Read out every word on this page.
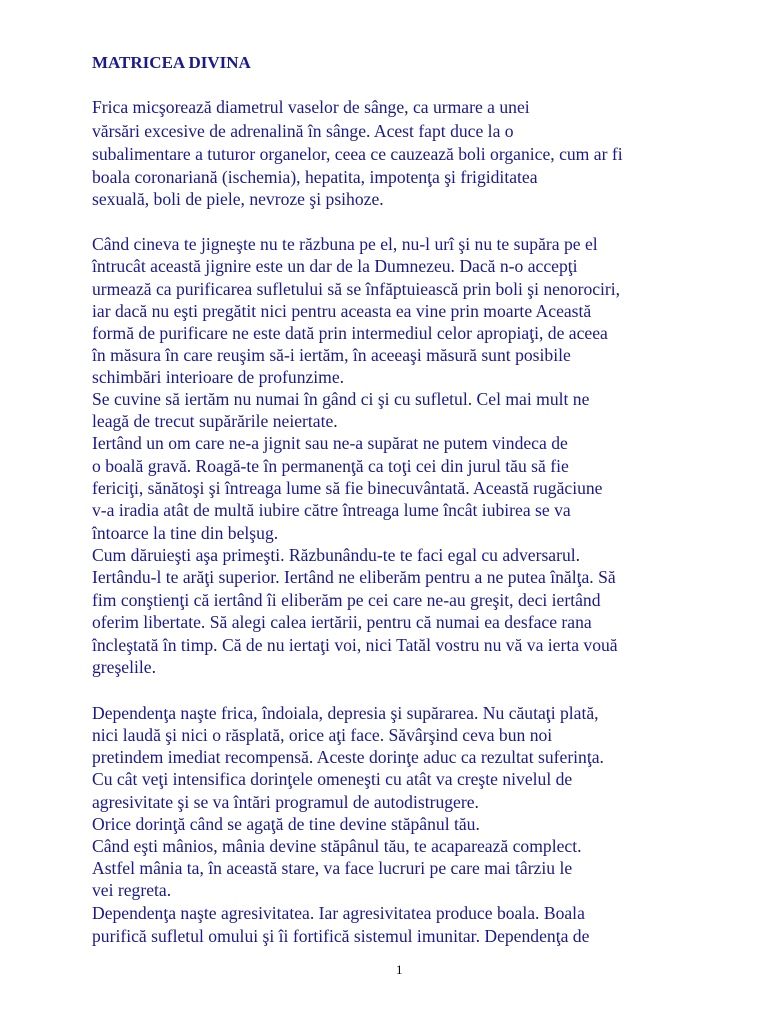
MATRICEA DIVINA

Frica micşorează diametrul vaselor de sânge, ca urmare a unei

vărsări excesive de adrenalină în sânge. Acest fapt duce la o

subalimentare a tuturor organelor, ceea ce cauzează boli organice, cum ar fi

boala coronariană (ischemia), hepatita, impotenţa şi frigiditatea

sexuală, boli de piele, nevroze şi psihoze.

Când cineva te jigneşte nu te răzbuna pe el, nu-l urî şi nu te supăra pe el

întrucât această jignire este un dar de la Dumnezeu. Dacă n-o accepţi

urmează ca purificarea sufletului să se înfăptuiească prin boli şi nenorociri,

iar dacă nu eşti pregătit nici pentru aceasta ea vine prin moarte Această

formă de purificare ne este dată prin intermediul celor apropiaţi, de aceea

în măsura în care reuşim să-i iertăm, în aceeaşi măsură sunt posibile

schimbări interioare de profunzime.

Se cuvine să iertăm nu numai în gând ci şi cu sufletul. Cel mai mult ne

leagă de trecut supărările neiertate.

Iertând un om care ne-a jignit sau ne-a supărat ne putem vindeca de

o boală gravă. Roagă-te în permanenţă ca toţi cei din jurul tău să fie

fericiţi, sănătoşi şi întreaga lume să fie binecuvântată. Această rugăciune

v-a iradia atât de multă iubire către întreaga lume încât iubirea se va

întoarce la tine din belşug.

Cum dăruieşti aşa primeşti. Răzbunându-te te faci egal cu adversarul.

Iertându-l te arăţi superior. Iertând ne eliberăm pentru a ne putea înălţa. Să

fim conştienţi că iertând îi eliberăm pe cei care ne-au greşit, deci iertând

oferim libertate. Să alegi calea iertării, pentru că numai ea desface rana

încleştată în timp. Că de nu iertaţi voi, nici Tatăl vostru nu vă va ierta vouă

greşelile.

Dependenţa naşte frica, îndoiala, depresia şi supărarea. Nu căutaţi plată,

nici laudă şi nici o răsplată, orice aţi face. Săvârşind ceva bun noi

pretindem imediat recompensă. Aceste dorinţe aduc ca rezultat suferinţa.

Cu cât veţi intensifica dorinţele omeneşti cu atât va creşte nivelul de

agresivitate şi se va întări programul de autodistrugere.

Orice dorinţă când se agaţă de tine devine stăpânul tău.

Când eşti mânios, mânia devine stăpânul tău, te acaparează complect.

Astfel mânia ta, în această stare, va face lucruri pe care mai târziu le

vei regreta.

Dependenţa naşte agresivitatea. Iar agresivitatea produce boala. Boala

purifică sufletul omului şi îi fortifică sistemul imunitar. Dependenţa de

1
